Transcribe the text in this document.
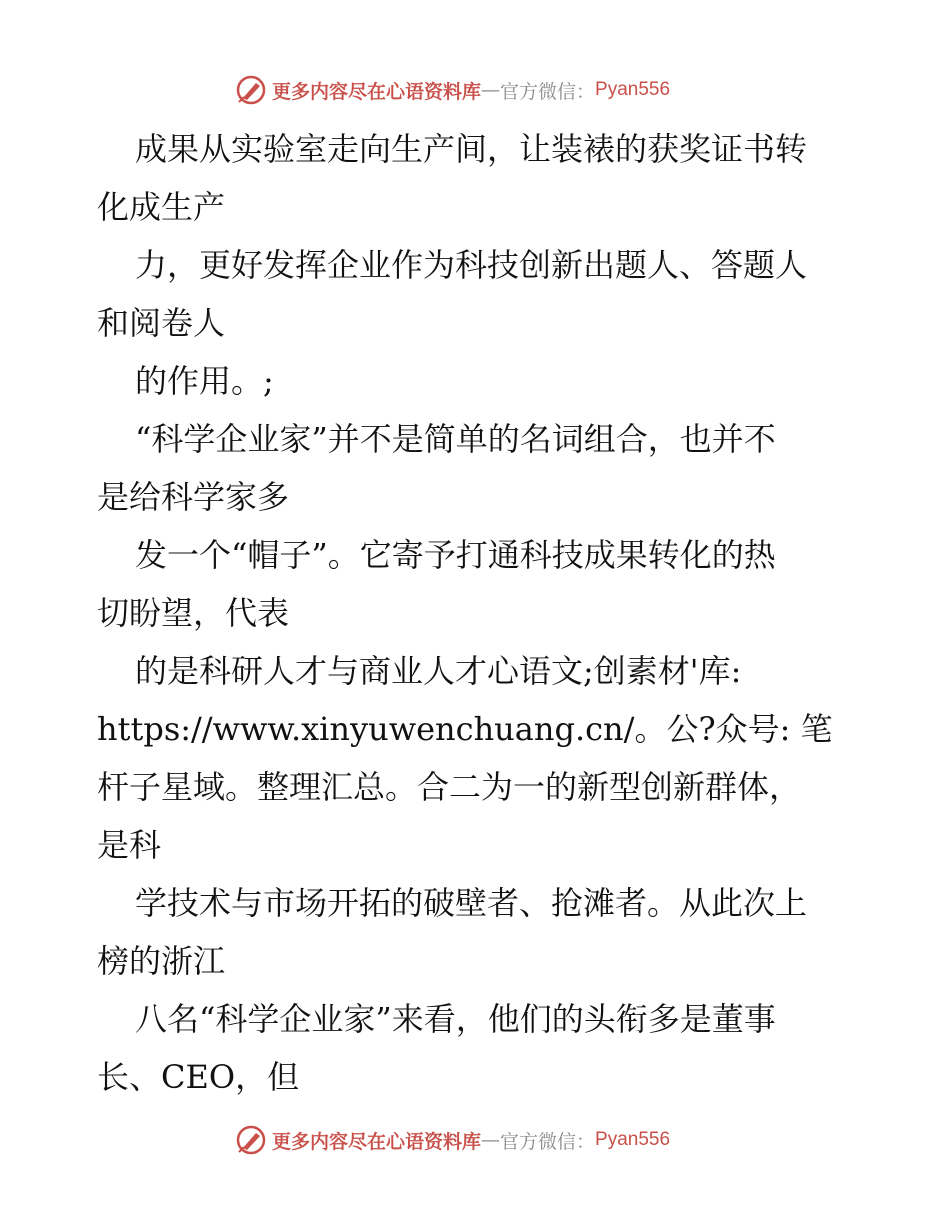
更多内容尽在心语资料库 — 官方微信： Pyan556
成果从实验室走向生产间，让装裱的获奖证书转
化成生产
力，更好发挥企业作为科技创新出题人、答题人
和阅卷人
的作用。;
“科学企业家”并不是简单的名词组合，也并不
是给科学家多
发一个“帽子”。它寄予打通科技成果转化的热
切盼望，代表
的是科研人才与商业人才心语文;创素材'库:
https://www.xinyuwenchuang.cn/。公?众号: 笔
杆子星域。整理汇总。合二为一的新型创新群体，
是科
学技术与市场开拓的破壁者、抢滩者。从此次上
榜的浙江
八名“科学企业家”来看，他们的头衔多是董事
长、CEO，但
更多内容尽在心语资料库 — 官方微信： Pyan556
